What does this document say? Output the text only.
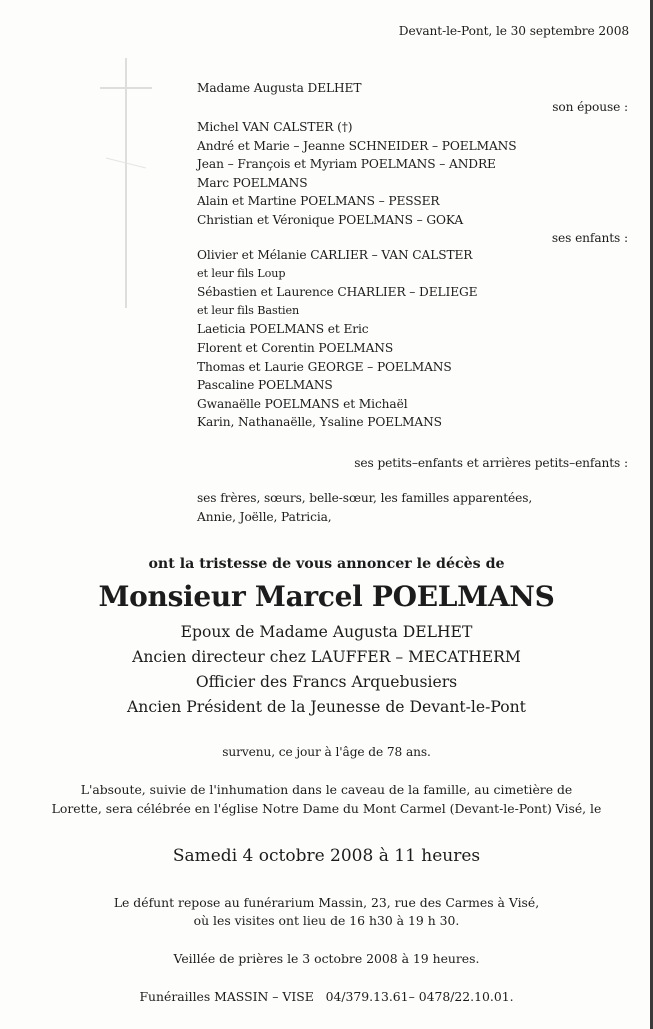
Devant-le-Pont, le 30 septembre 2008
Madame Augusta DELHET
son épouse :
Michel VAN CALSTER (†)
André et Marie – Jeanne SCHNEIDER – POELMANS
Jean – François et Myriam POELMANS – ANDRE
Marc POELMANS
Alain et Martine POELMANS – PESSER
Christian et Véronique POELMANS – GOKA
ses enfants :
Olivier et Mélanie CARLIER – VAN CALSTER
et leur fils Loup
Sébastien et Laurence CHARLIER – DELIEGE
et leur fils Bastien
Laeticia POELMANS et Eric
Florent et Corentin POELMANS
Thomas et Laurie GEORGE – POELMANS
Pascaline POELMANS
Gwanaëlle POELMANS et Michaël
Karin, Nathanaëlle, Ysaline POELMANS
ses petits–enfants et arrières petits–enfants :
ses frères, sœurs, belle-sœur, les familles apparentées,
Annie, Joëlle, Patricia,
ont la tristesse de vous annoncer le décès de
Monsieur Marcel POELMANS
Epoux de Madame Augusta DELHET
Ancien directeur chez LAUFFER – MECATHERM
Officier des Francs Arquebusiers
Ancien Président de la Jeunesse de Devant-le-Pont
survenu, ce jour à l'âge de 78 ans.
L'absoute, suivie de l'inhumation dans le caveau de la famille, au cimetière de
Lorette, sera célébrée en l'église Notre Dame du Mont Carmel (Devant-le-Pont) Visé, le
Samedi 4 octobre 2008 à 11 heures
Le défunt repose au funérarium Massin, 23, rue des Carmes à Visé,
où les visites ont lieu de 16 h30 à 19 h 30.
Veillée de prières le 3 octobre 2008 à 19 heures.
Funérailles MASSIN – VISE   04/379.13.61– 0478/22.10.01.
